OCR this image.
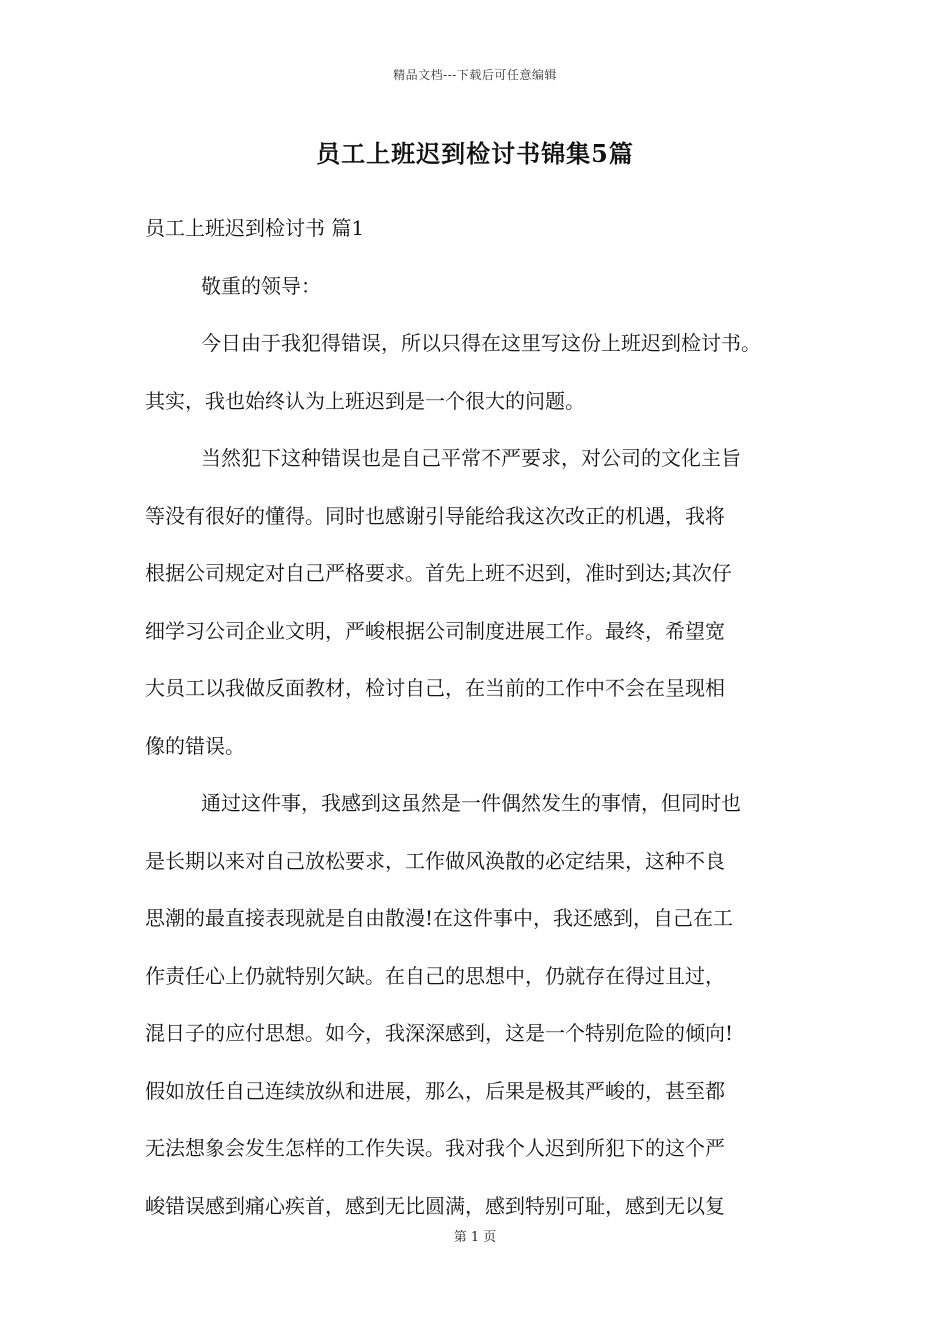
精品文档---下载后可任意编辑
员工上班迟到检讨书锦集5篇
员工上班迟到检讨书 篇1
敬重的领导：
今日由于我犯得错误，所以只得在这里写这份上班迟到检讨书。
其实，我也始终认为上班迟到是一个很大的问题。
当然犯下这种错误也是自己平常不严要求，对公司的文化主旨
等没有很好的懂得。同时也感谢引导能给我这次改正的机遇，我将
根据公司规定对自己严格要求。首先上班不迟到，准时到达;其次仔
细学习公司企业文明，严峻根据公司制度进展工作。最终，希望宽
大员工以我做反面教材，检讨自己，在当前的工作中不会在呈现相
像的错误。
通过这件事，我感到这虽然是一件偶然发生的事情，但同时也
是长期以来对自己放松要求，工作做风涣散的必定结果，这种不良
思潮的最直接表现就是自由散漫!在这件事中，我还感到，自己在工
作责任心上仍就特别欠缺。在自己的思想中，仍就存在得过且过，
混日子的应付思想。如今，我深深感到，这是一个特别危险的倾向!
假如放任自己连续放纵和进展，那么，后果是极其严峻的，甚至都
无法想象会发生怎样的工作失误。我对我个人迟到所犯下的这个严
峻错误感到痛心疾首，感到无比圆满，感到特别可耻，感到无以复
第 1 页
